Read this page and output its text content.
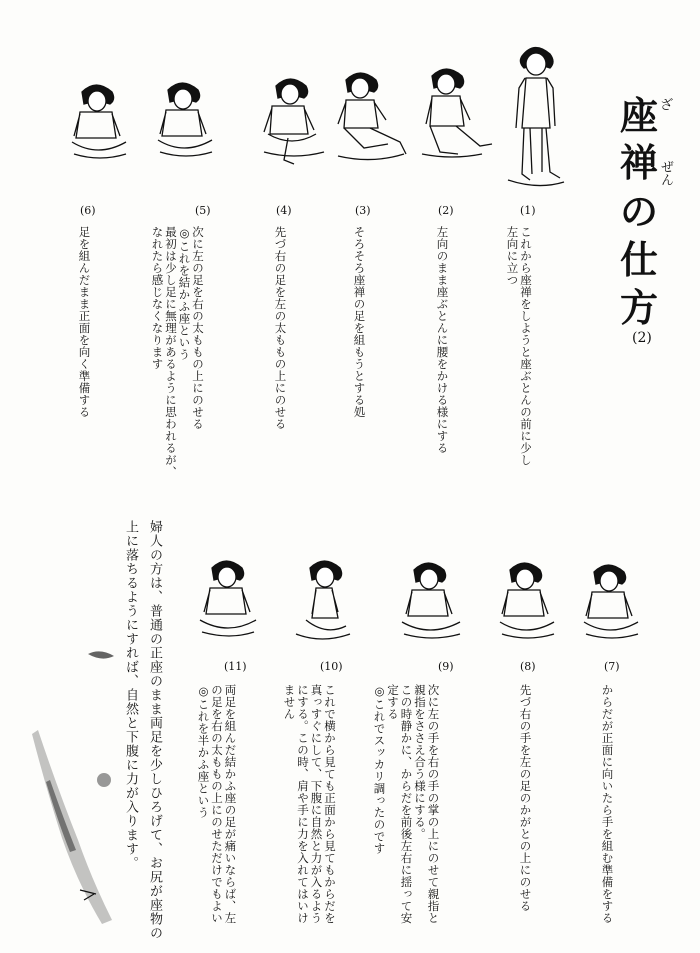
座 ざ
禅 ぜん
の
仕
方
(2)
(1)
(2)
(3)
(4)
(5)
(6)
これから座禅をしようと座ぶとんの前に少し
左向に立つ
左向のまま座ぶとんに腰をかける様にする
そろそろ座禅の足を組もうとする処
先づ右の足を左の太ももの上にのせる
次に左の足を右の太ももの上にのせる
◎これを結かふ座という
最初は少し足に無理があるように思われるが、
なれたら感じなくなります
足を組んだまま正面を向く準備する
(7)
(8)
(9)
(10)
(11)
からだが正面に向いたら手を組む準備をする
先づ右の手を左の足のかがとの上にのせる
次に左の手を右の手の掌の上にのせて親指と
親指をささえ合う様にする。
この時静かに、からだを前後左右に揺って安
定する
◎これでスッカリ調ったのです
これで横から見ても正面から見てもからだを
真っすぐにして、下腹に自然と力が入るよう
にする。この時、肩や手に力を入れてはいけ
ません
両足を組んだ結かふ座の足が痛いならば、左
の足を右の太ももの上にのせただけでもよい
◎これを半かふ座という
婦人の方は、普通の正座のまま両足を少しひろげて、お尻が座物の
上に落ちるようにすれば、自然と下腹に力が入ります。
